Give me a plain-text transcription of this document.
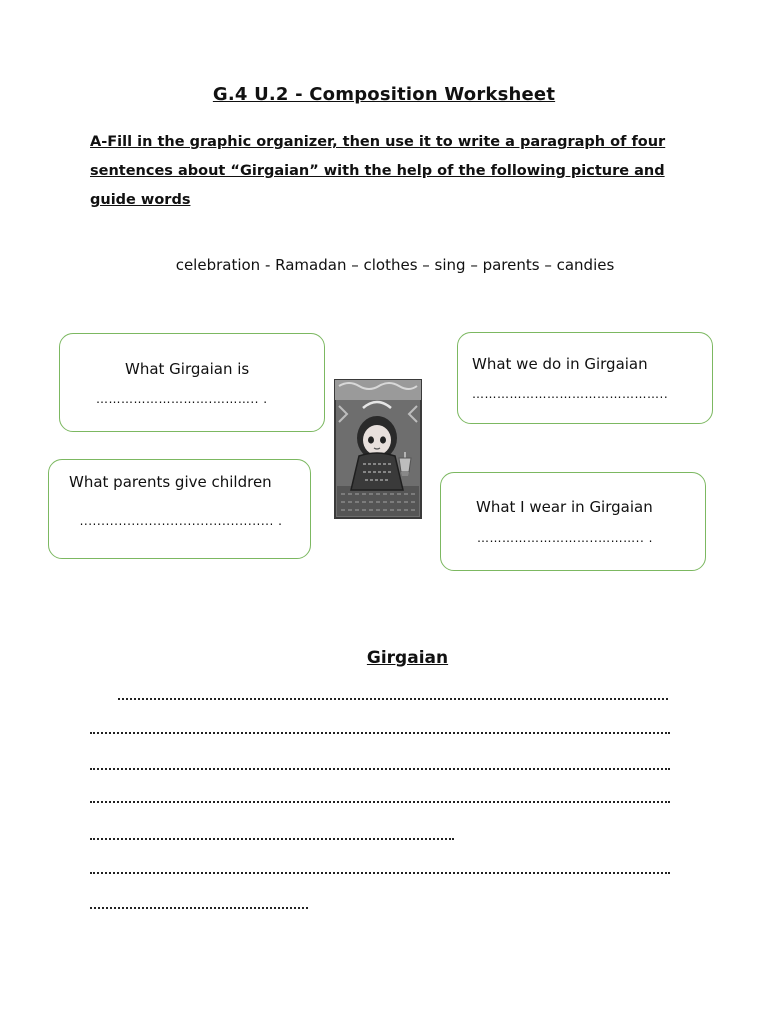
G.4 U.2 - Composition Worksheet
A-Fill in the graphic organizer, then use it to write a paragraph of four sentences about “Girgaian” with the help of the following picture and guide words
celebration - Ramadan – clothes – sing – parents – candies
What Girgaian is
……………………….……….. .
What we do in Girgaian
………………………………………..
What parents give children
............................................. .
What I wear in Girgaian
………………………..……….. .
Girgaian
